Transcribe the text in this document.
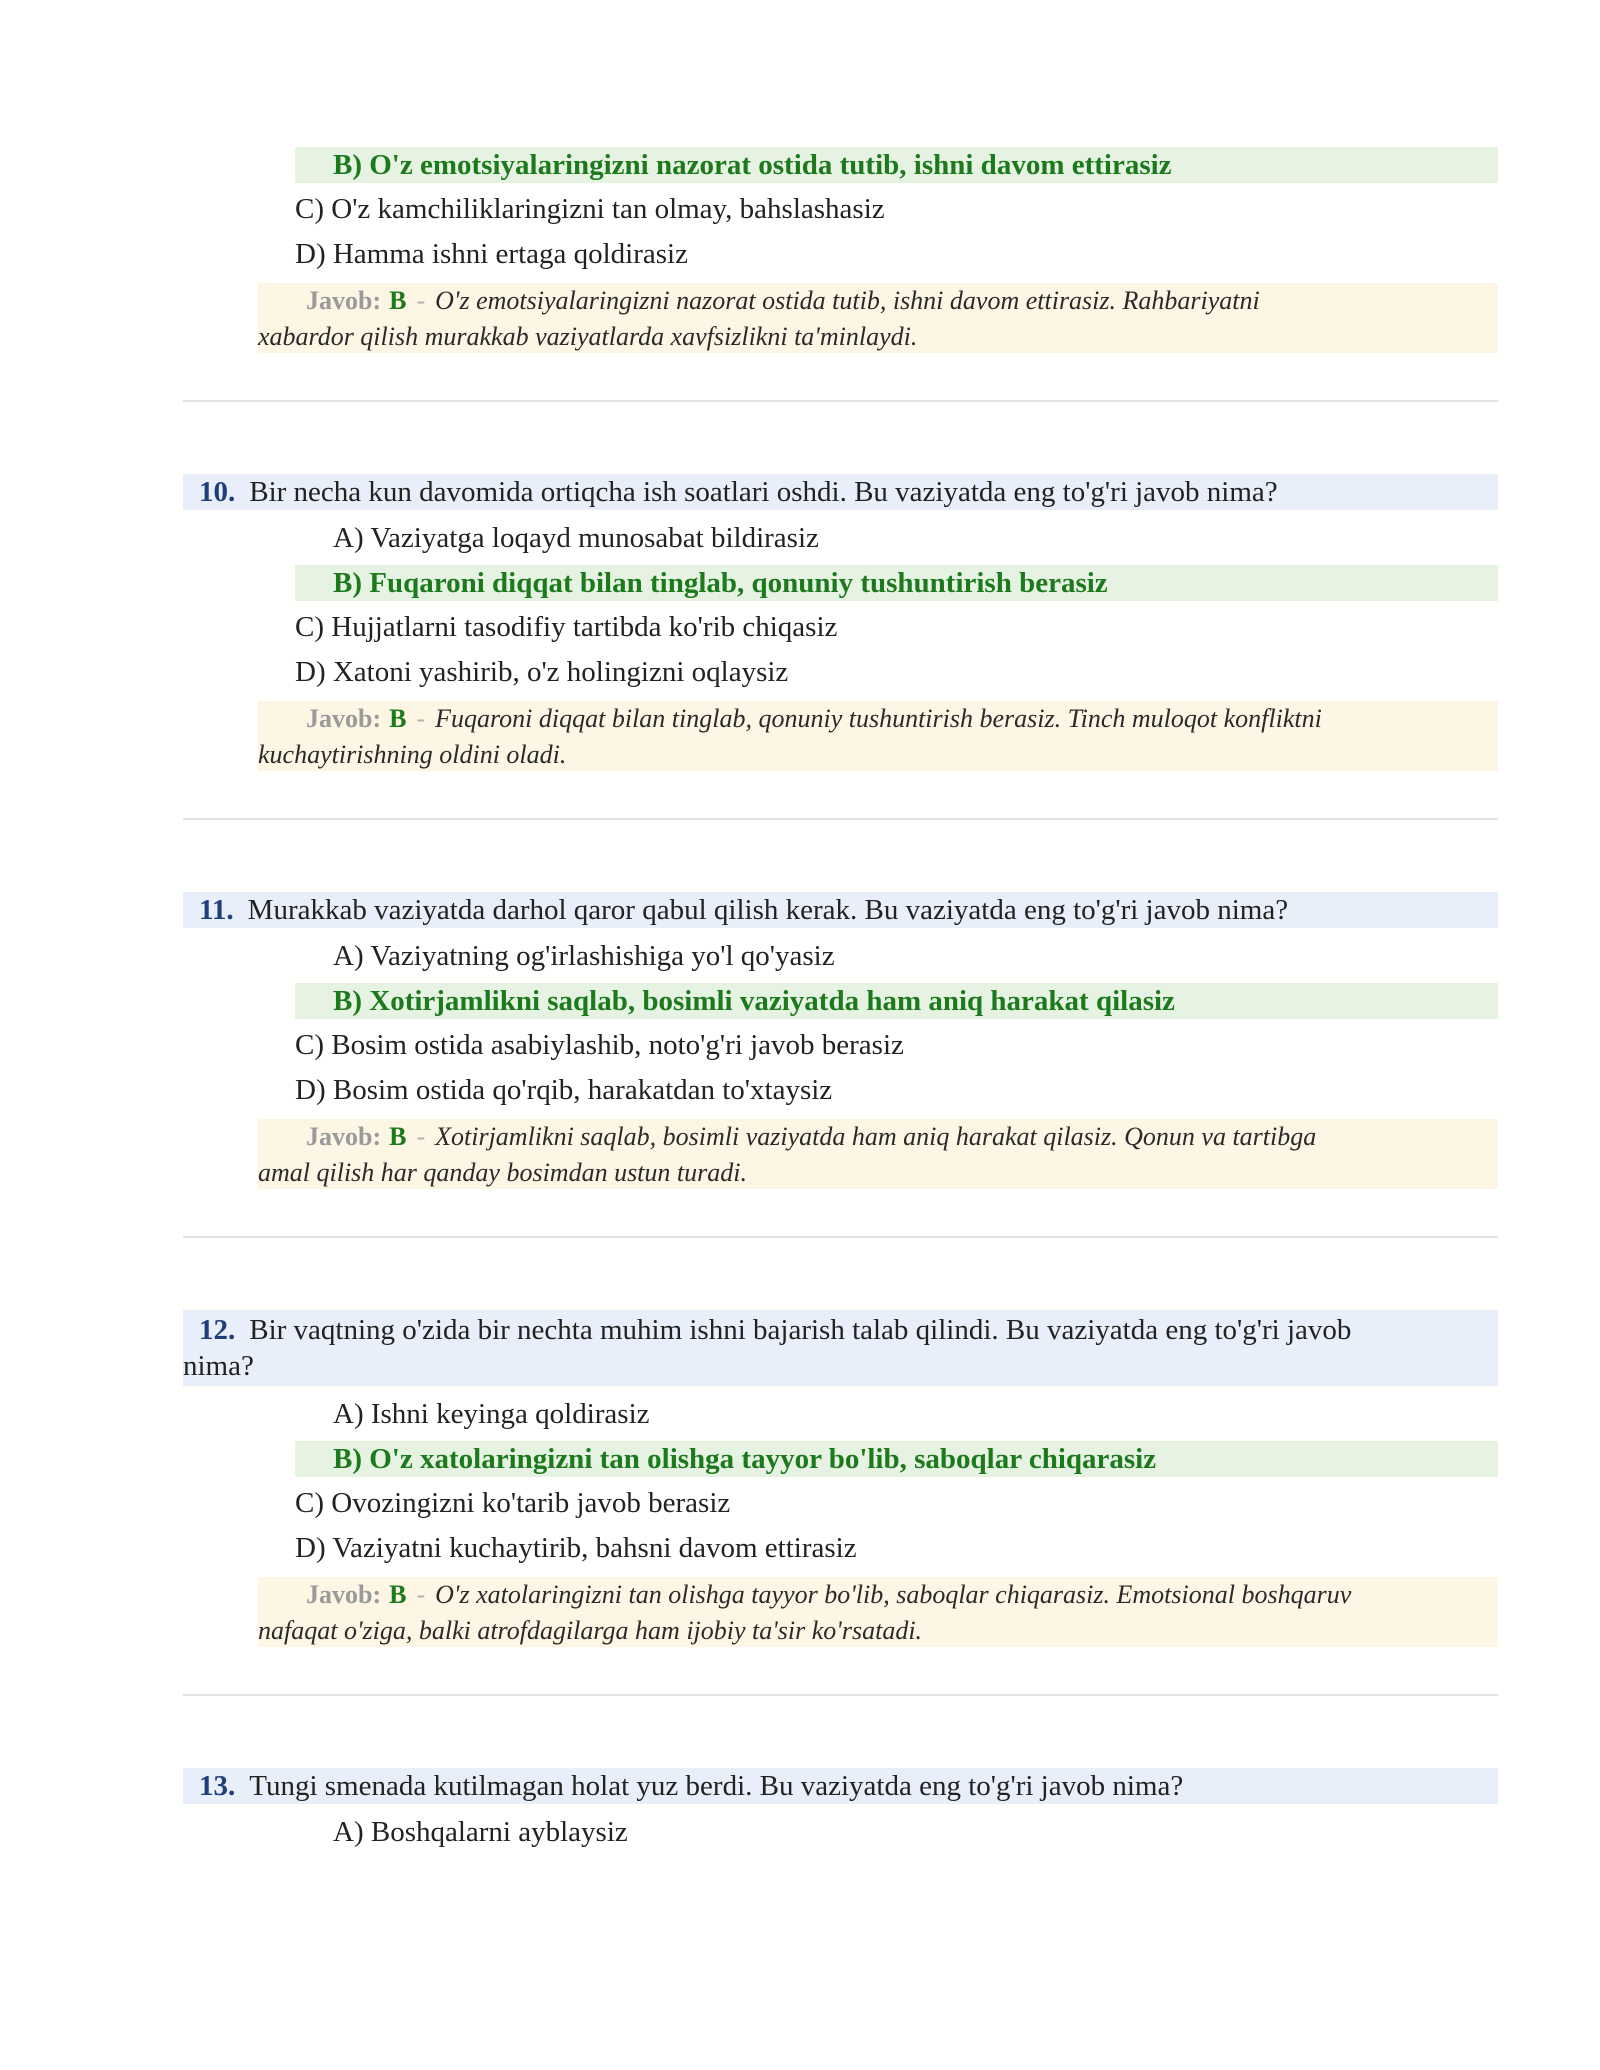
B) O'z emotsiyalaringizni nazorat ostida tutib, ishni davom ettirasiz
C) O'z kamchiliklaringizni tan olmay, bahslashasiz
D) Hamma ishni ertaga qoldirasiz
Javob: B - O'z emotsiyalaringizni nazorat ostida tutib, ishni davom ettirasiz. Rahbariyatni
xabardor qilish murakkab vaziyatlarda xavfsizlikni ta'minlaydi.
10. Bir necha kun davomida ortiqcha ish soatlari oshdi. Bu vaziyatda eng to'g'ri javob nima?
A) Vaziyatga loqayd munosabat bildirasiz
B) Fuqaroni diqqat bilan tinglab, qonuniy tushuntirish berasiz
C) Hujjatlarni tasodifiy tartibda ko'rib chiqasiz
D) Xatoni yashirib, o'z holingizni oqlaysiz
Javob: B - Fuqaroni diqqat bilan tinglab, qonuniy tushuntirish berasiz. Tinch muloqot konfliktni
kuchaytirishning oldini oladi.
11. Murakkab vaziyatda darhol qaror qabul qilish kerak. Bu vaziyatda eng to'g'ri javob nima?
A) Vaziyatning og'irlashishiga yo'l qo'yasiz
B) Xotirjamlikni saqlab, bosimli vaziyatda ham aniq harakat qilasiz
C) Bosim ostida asabiylashib, noto'g'ri javob berasiz
D) Bosim ostida qo'rqib, harakatdan to'xtaysiz
Javob: B - Xotirjamlikni saqlab, bosimli vaziyatda ham aniq harakat qilasiz. Qonun va tartibga
amal qilish har qanday bosimdan ustun turadi.
12. Bir vaqtning o'zida bir nechta muhim ishni bajarish talab qilindi. Bu vaziyatda eng to'g'ri javob
nima?
A) Ishni keyinga qoldirasiz
B) O'z xatolaringizni tan olishga tayyor bo'lib, saboqlar chiqarasiz
C) Ovozingizni ko'tarib javob berasiz
D) Vaziyatni kuchaytirib, bahsni davom ettirasiz
Javob: B - O'z xatolaringizni tan olishga tayyor bo'lib, saboqlar chiqarasiz. Emotsional boshqaruv
nafaqat o'ziga, balki atrofdagilarga ham ijobiy ta'sir ko'rsatadi.
13. Tungi smenada kutilmagan holat yuz berdi. Bu vaziyatda eng to'g'ri javob nima?
A) Boshqalarni ayblaysiz
